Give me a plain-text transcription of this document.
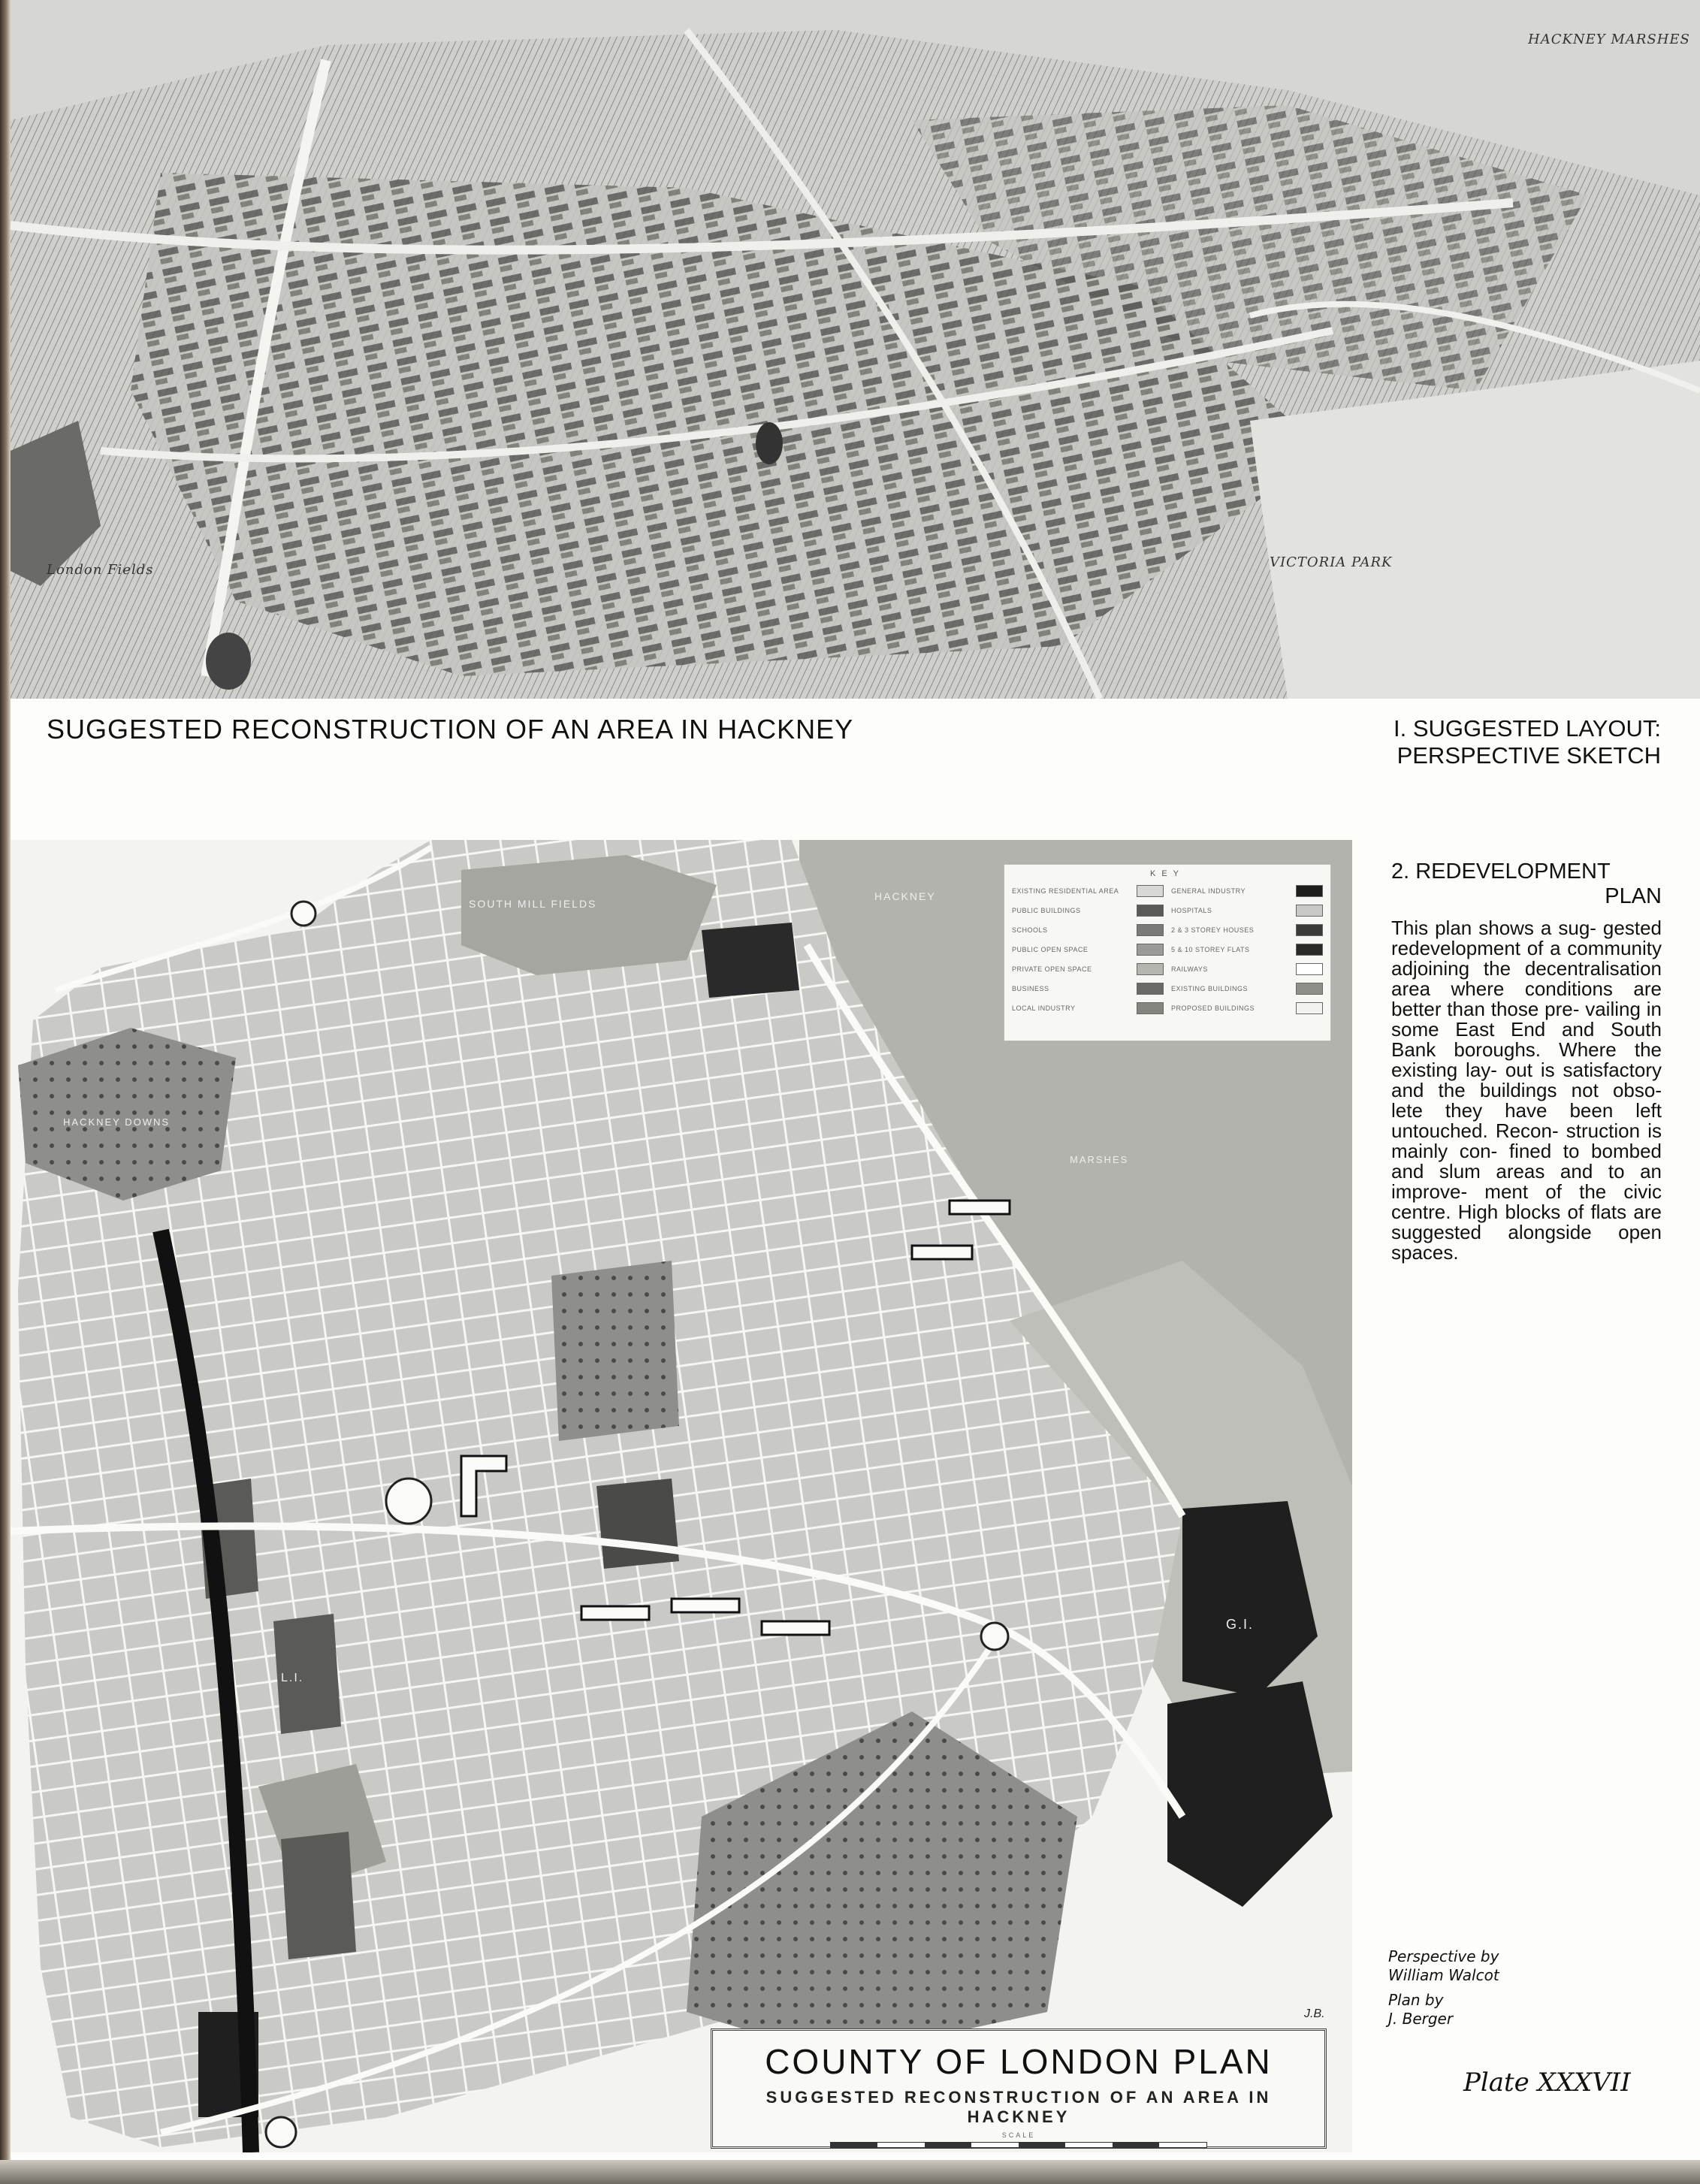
HACKNEY MARSHES
VICTORIA PARK
London Fields
SUGGESTED RECONSTRUCTION OF AN AREA IN HACKNEY	I. SUGGESTED LAYOUT:
PERSPECTIVE SKETCH
SOUTH MILL FIELDS
HACKNEY
HACKNEY DOWNS
MARSHES
G.I.
L.I.
KEY
EXISTING RESIDENTIAL AREA	GENERAL INDUSTRY
PUBLIC BUILDINGS	HOSPITALS
SCHOOLS	2 & 3 STOREY HOUSES
PUBLIC OPEN SPACE	5 & 10 STOREY FLATS
PRIVATE OPEN SPACE	RAILWAYS
BUSINESS	EXISTING BUILDINGS
LOCAL INDUSTRY	PROPOSED BUILDINGS
COUNTY OF LONDON PLAN
SUGGESTED RECONSTRUCTION OF AN AREA IN HACKNEY
SCALE
J.B.
2. REDEVELOPMENT
PLAN
This plan shows a sug- gested redevelopment of a community adjoining the decentralisation area where conditions are better than those pre- vailing in some East End and South Bank boroughs. Where the existing lay- out is satisfactory and the buildings not obso- lete they have been left untouched. Recon- struction is mainly con- fined to bombed and slum areas and to an improve- ment of the civic centre. High blocks of flats are suggested alongside open spaces.
Perspective by
William Walcot
Plan by
J. Berger
Plate XXXVII
